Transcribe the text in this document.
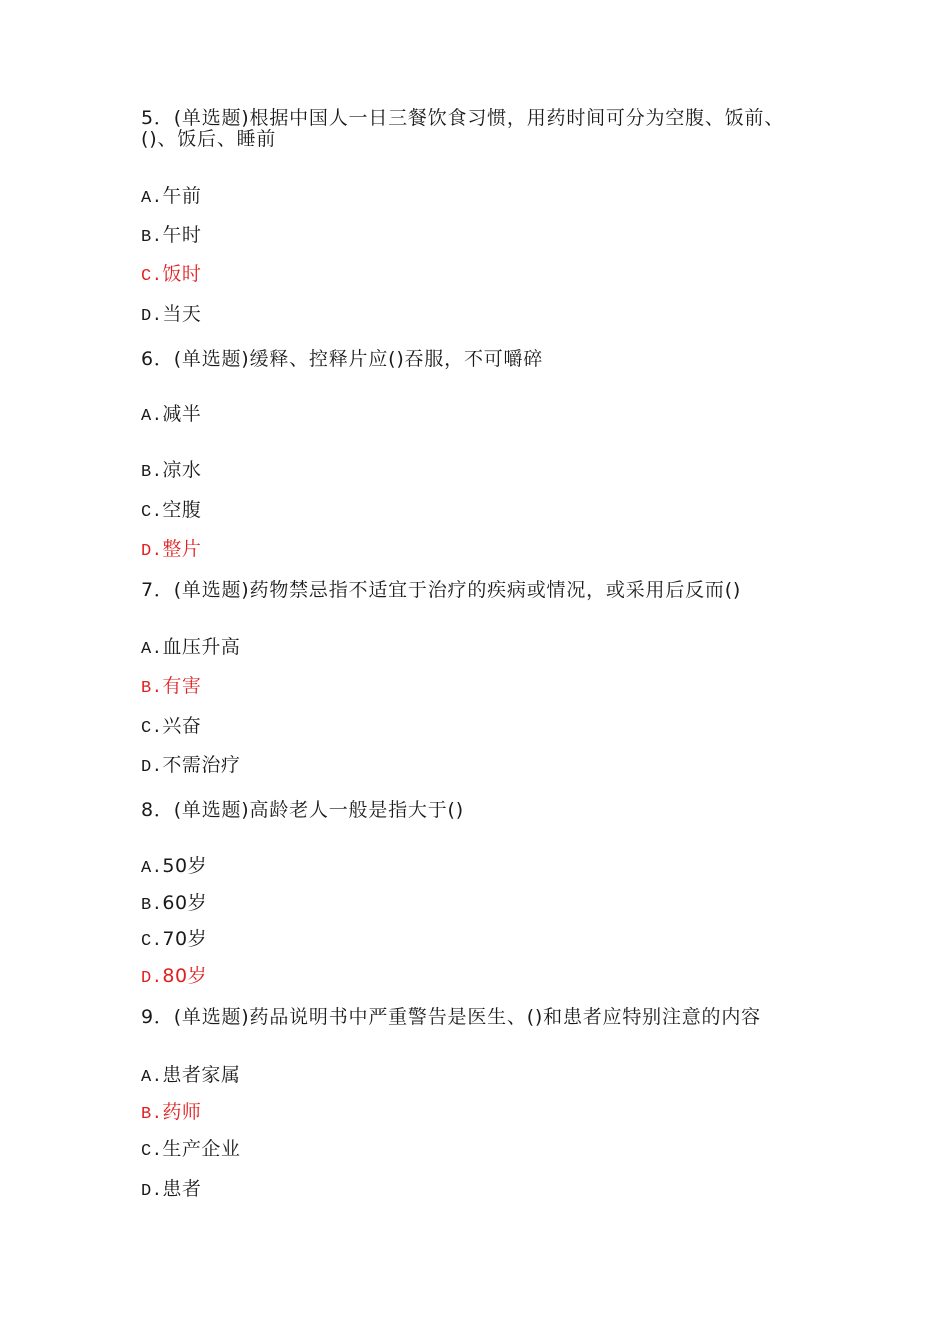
5．(单选题)根据中国人一日三餐饮食习惯，用药时间可分为空腹、饭前、
()、饭后、睡前
A.午前
B.午时
C.饭时
D.当天
6．(单选题)缓释、控释片应()吞服，不可嚼碎
A.减半
B.凉水
C.空腹
D.整片
7．(单选题)药物禁忌指不适宜于治疗的疾病或情况，或采用后反而()
A.血压升高
B.有害
C.兴奋
D.不需治疗
8．(单选题)高龄老人一般是指大于()
A.50岁
B.60岁
C.70岁
D.80岁
9．(单选题)药品说明书中严重警告是医生、()和患者应特别注意的内容
A.患者家属
B.药师
C.生产企业
D.患者
